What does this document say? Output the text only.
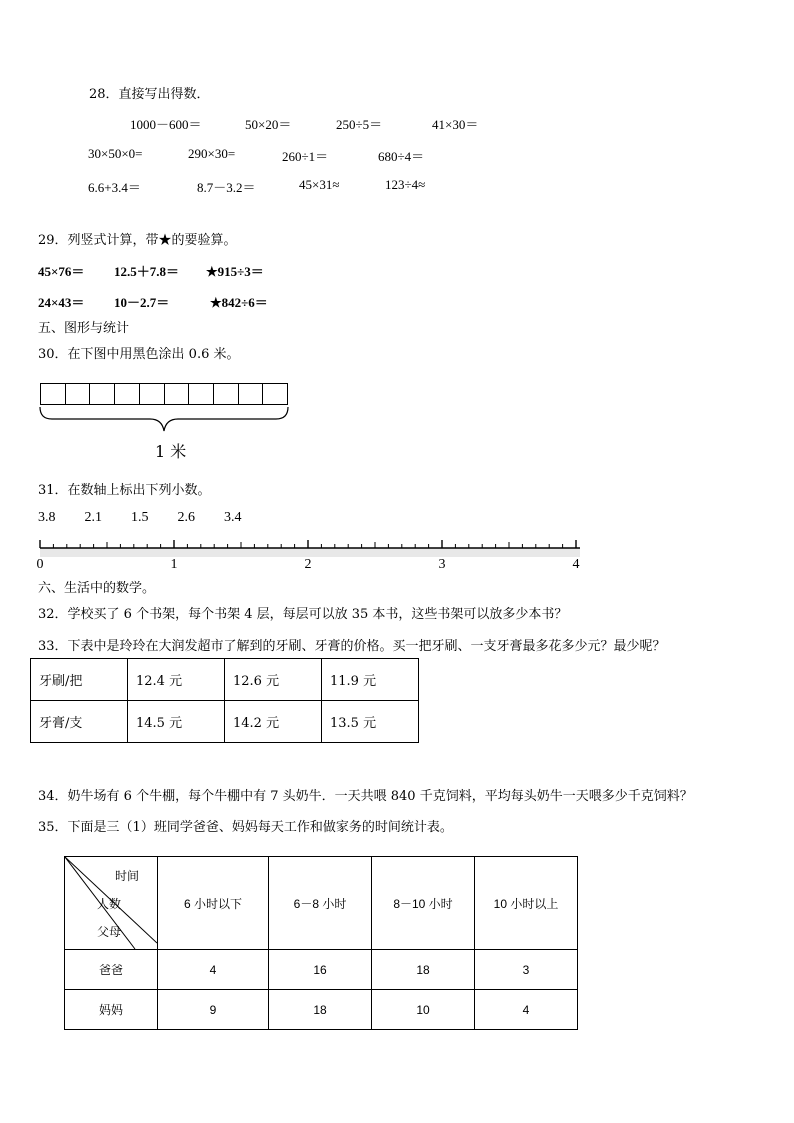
28．直接写出得数．
1000－600＝	50×20＝	250÷5＝	41×30＝
30×50×0=	290×30=	260÷1＝	680÷4＝
6.6+3.4＝	8.7－3.2＝	45×31≈	123÷4≈
29．列竖式计算，带★的要验算。
45×76＝ 12.5＋7.8＝ ★915÷3＝
24×43＝ 10－2.7＝	★842÷6＝
五、图形与统计
30．在下图中用黑色涂出 0.6 米。
1 米
31．在数轴上标出下列小数。
3.8 2.1 1.5 2.6 3.4
0	1	2	3	4
六、生活中的数学。
32．学校买了 6 个书架，每个书架 4 层，每层可以放 35 本书，这些书架可以放多少本书？
33．下表中是玲玲在大润发超市了解到的牙刷、牙膏的价格。买一把牙刷、一支牙膏最多花多少元？最少呢？
牙刷/把	12.4 元	12.6 元	11.9 元
牙膏/支	14.5 元	14.2 元	13.5 元
34．奶牛场有 6 个牛棚，每个牛棚中有 7 头奶牛．一天共喂 840 千克饲料，平均每头奶牛一天喂多少千克饲料？
35．下面是三（1）班同学爸爸、妈妈每天工作和做家务的时间统计表。
时间
人数
父母	6 小时以下	6－8 小时	8－10 小时	10 小时以上
爸爸	4	16	18	3
妈妈	9	18	10	4
